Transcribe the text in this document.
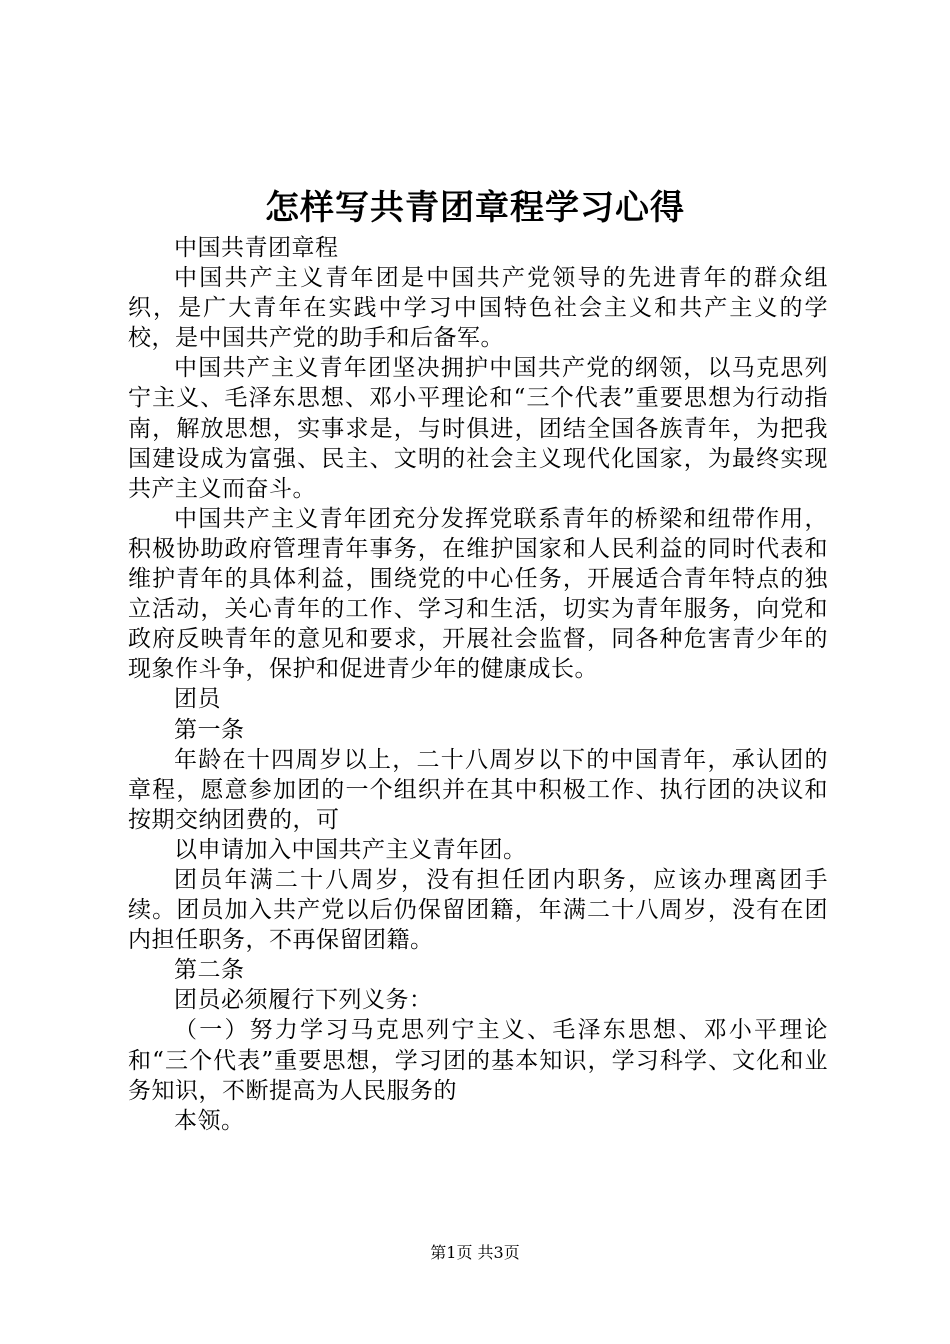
怎样写共青团章程学习心得

中国共青团章程

中国共产主义青年团是中国共产党领导的先进青年的群众组织，是广大青年在实践中学习中国特色社会主义和共产主义的学校，是中国共产党的助手和后备军。

中国共产主义青年团坚决拥护中国共产党的纲领，以马克思列宁主义、毛泽东思想、邓小平理论和“三个代表”重要思想为行动指南，解放思想，实事求是，与时俱进，团结全国各族青年，为把我国建设成为富强、民主、文明的社会主义现代化国家，为最终实现共产主义而奋斗。

中国共产主义青年团充分发挥党联系青年的桥梁和纽带作用，积极协助政府管理青年事务，在维护国家和人民利益的同时代表和维护青年的具体利益，围绕党的中心任务，开展适合青年特点的独立活动，关心青年的工作、学习和生活，切实为青年服务，向党和政府反映青年的意见和要求，开展社会监督，同各种危害青少年的现象作斗争，保护和促进青少年的健康成长。

团员

第一条

年龄在十四周岁以上，二十八周岁以下的中国青年，承认团的章程，愿意参加团的一个组织并在其中积极工作、执行团的决议和按期交纳团费的，可

以申请加入中国共产主义青年团。

团员年满二十八周岁，没有担任团内职务，应该办理离团手续。团员加入共产党以后仍保留团籍，年满二十八周岁，没有在团内担任职务，不再保留团籍。

第二条

团员必须履行下列义务：

（一）努力学习马克思列宁主义、毛泽东思想、邓小平理论和“三个代表”重要思想，学习团的基本知识，学习科学、文化和业务知识，不断提高为人民服务的

本领。

第1页 共3页
